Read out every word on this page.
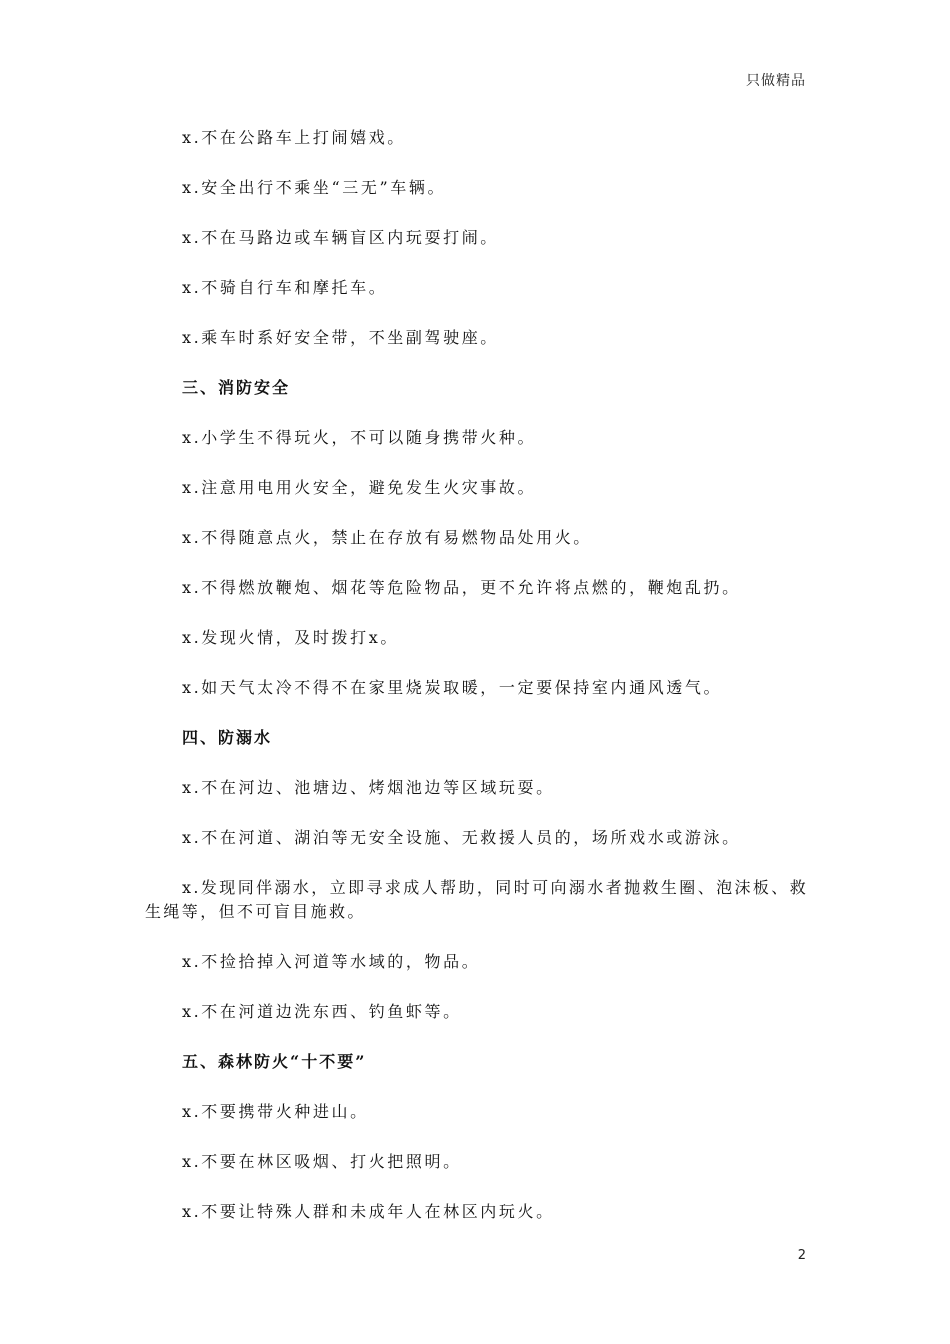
只做精品

x.不在公路车上打闹嬉戏。

x.安全出行不乘坐“三无”车辆。

x.不在马路边或车辆盲区内玩耍打闹。

x.不骑自行车和摩托车。

x.乘车时系好安全带，不坐副驾驶座。

三、消防安全

x.小学生不得玩火，不可以随身携带火种。

x.注意用电用火安全，避免发生火灾事故。

x.不得随意点火，禁止在存放有易燃物品处用火。

x.不得燃放鞭炮、烟花等危险物品，更不允许将点燃的，鞭炮乱扔。

x.发现火情，及时拨打x。

x.如天气太冷不得不在家里烧炭取暖，一定要保持室内通风透气。

四、防溺水

x.不在河边、池塘边、烤烟池边等区域玩耍。

x.不在河道、湖泊等无安全设施、无救援人员的，场所戏水或游泳。

x.发现同伴溺水，立即寻求成人帮助，同时可向溺水者抛救生圈、泡沫板、救生绳等，但不可盲目施救。

x.不捡拾掉入河道等水域的，物品。

x.不在河道边洗东西、钓鱼虾等。

五、森林防火“十不要”

x.不要携带火种进山。

x.不要在林区吸烟、打火把照明。

x.不要让特殊人群和未成年人在林区内玩火。

2
